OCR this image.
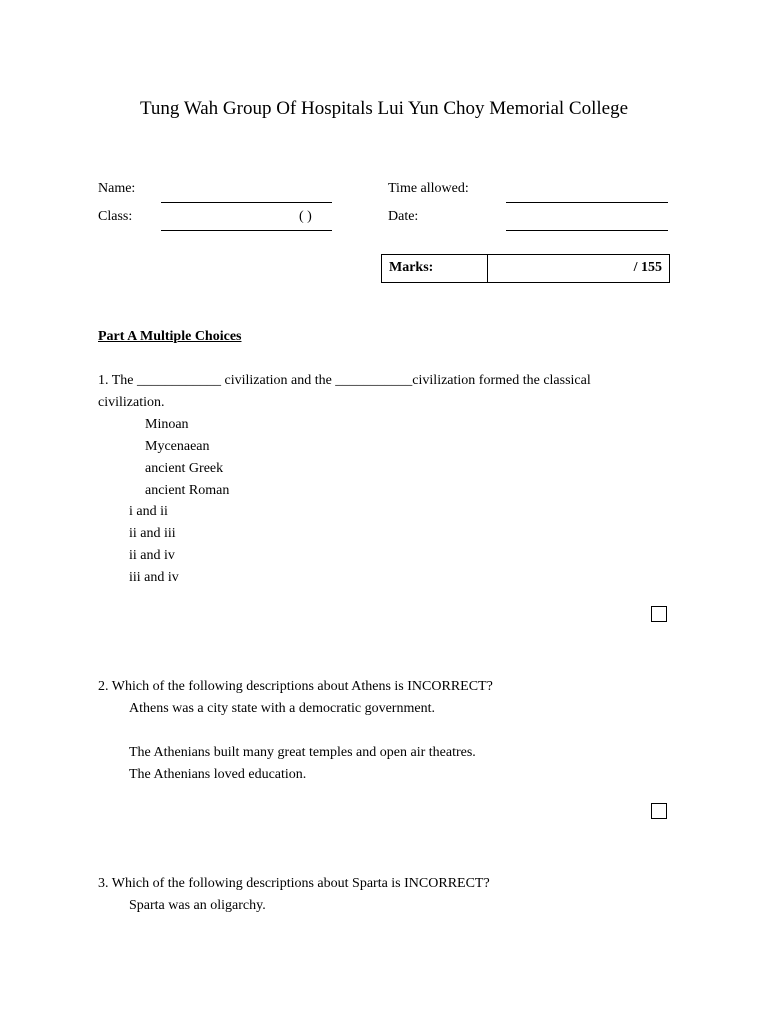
Tung Wah Group Of Hospitals Lui Yun Choy Memorial College
Name:
Class:	( )
Time allowed:
Date:
Marks:	/ 155
Part A Multiple Choices
1. The ____________ civilization and the ___________civilization formed the classical
civilization.
Minoan
Mycenaean
ancient Greek
ancient Roman
i and ii
ii and iii
ii and iv
iii and iv
2. Which of the following descriptions about Athens is INCORRECT?
Athens was a city state with a democratic government.
The Athenians built many great temples and open air theatres.
The Athenians loved education.
3. Which of the following descriptions about Sparta is INCORRECT?
Sparta was an oligarchy.
